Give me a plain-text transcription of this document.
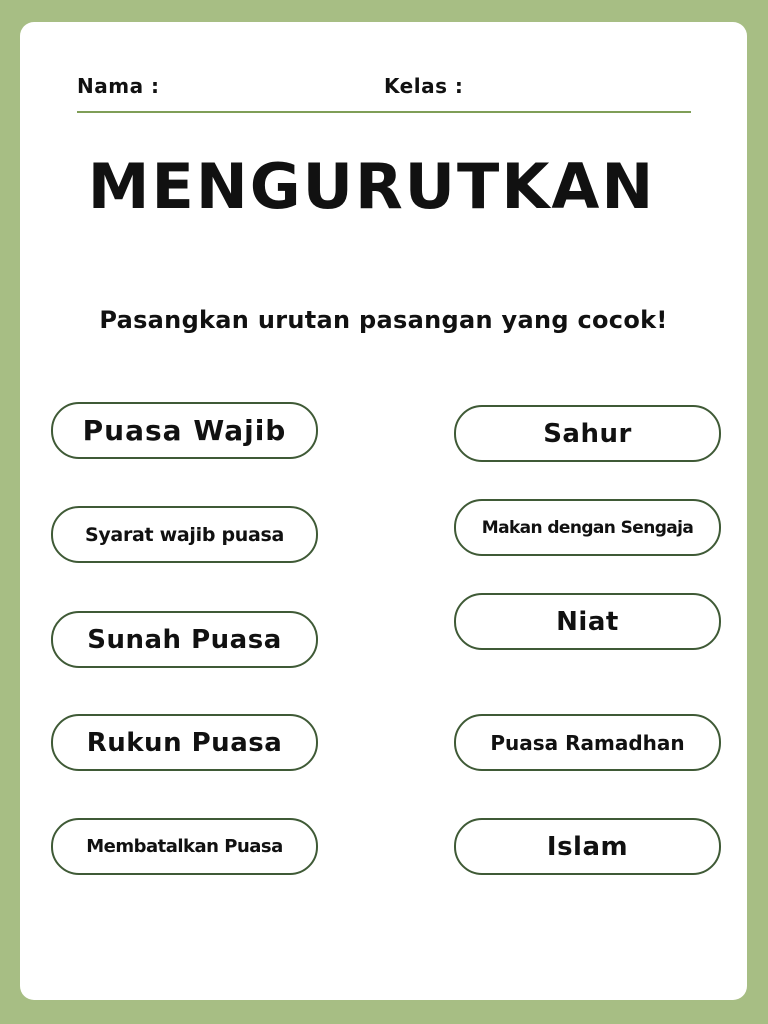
Nama :	Kelas :
MENGURUTKAN
Pasangkan urutan pasangan yang cocok!
Puasa Wajib
Syarat wajib puasa
Sunah Puasa
Rukun Puasa
Membatalkan Puasa
Sahur
Makan dengan Sengaja
Niat
Puasa Ramadhan
Islam
